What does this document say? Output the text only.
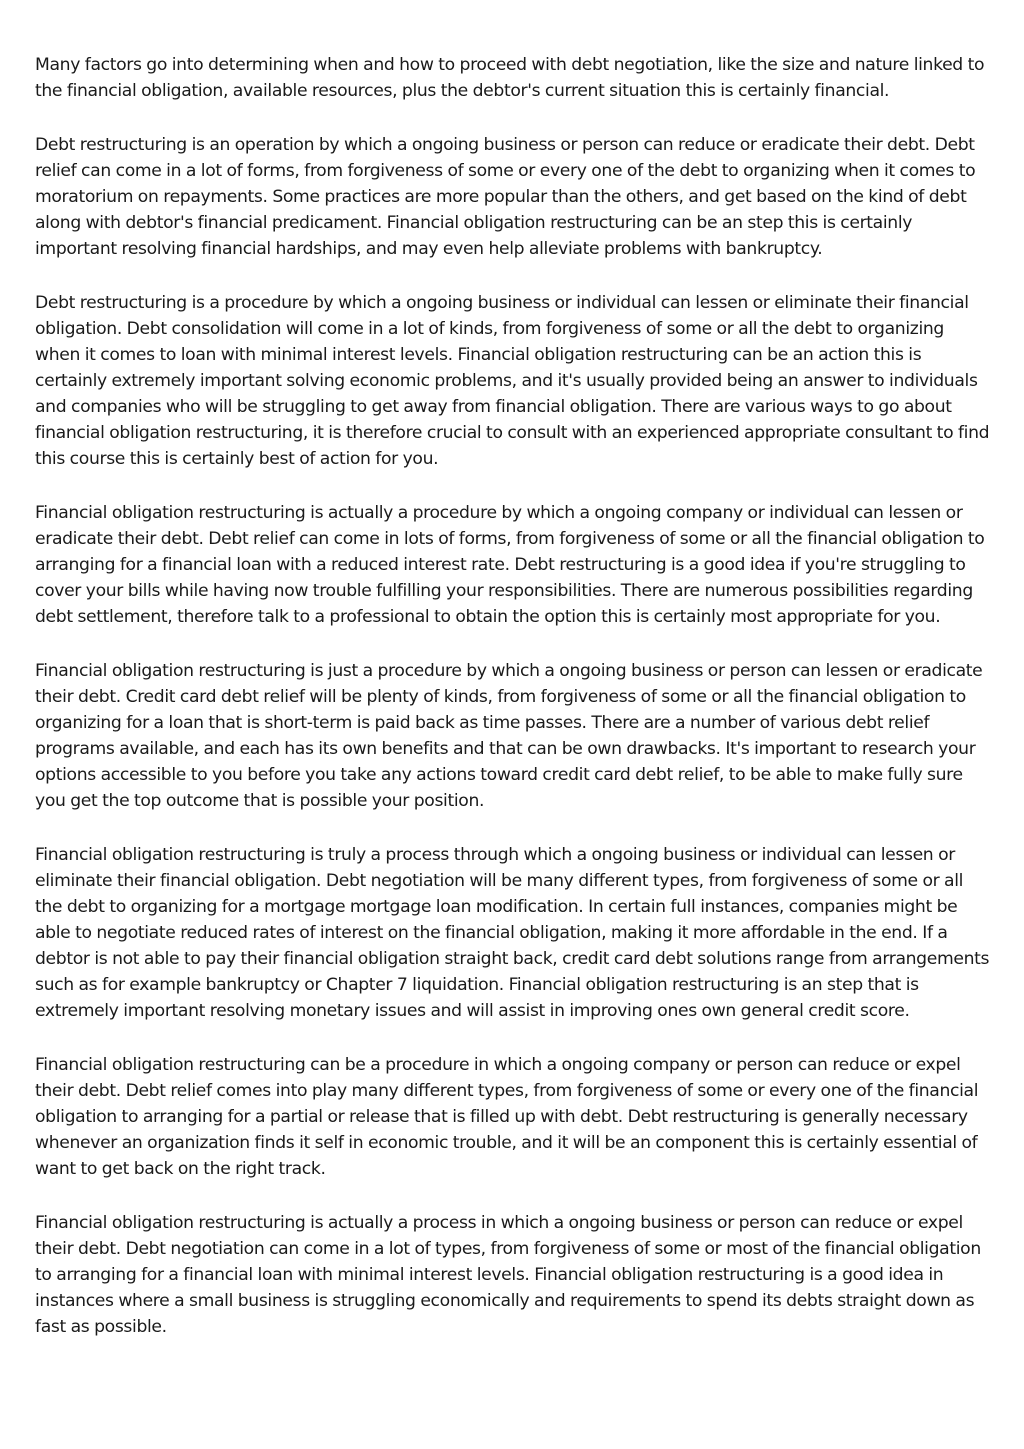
Many factors go into determining when and how to proceed with debt negotiation, like the size and nature linked to the financial obligation, available resources, plus the debtor's current situation this is certainly financial.

Debt restructuring is an operation by which a ongoing business or person can reduce or eradicate their debt. Debt relief can come in a lot of forms, from forgiveness of some or every one of the debt to organizing when it comes to moratorium on repayments. Some practices are more popular than the others, and get based on the kind of debt along with debtor's financial predicament. Financial obligation restructuring can be an step this is certainly important resolving financial hardships, and may even help alleviate problems with bankruptcy.

Debt restructuring is a procedure by which a ongoing business or individual can lessen or eliminate their financial obligation. Debt consolidation will come in a lot of kinds, from forgiveness of some or all the debt to organizing when it comes to loan with minimal interest levels. Financial obligation restructuring can be an action this is certainly extremely important solving economic problems, and it's usually provided being an answer to individuals and companies who will be struggling to get away from financial obligation. There are various ways to go about financial obligation restructuring, it is therefore crucial to consult with an experienced appropriate consultant to find this course this is certainly best of action for you.

Financial obligation restructuring is actually a procedure by which a ongoing company or individual can lessen or eradicate their debt. Debt relief can come in lots of forms, from forgiveness of some or all the financial obligation to arranging for a financial loan with a reduced interest rate. Debt restructuring is a good idea if you're struggling to cover your bills while having now trouble fulfilling your responsibilities. There are numerous possibilities regarding debt settlement, therefore talk to a professional to obtain the option this is certainly most appropriate for you.

Financial obligation restructuring is just a procedure by which a ongoing business or person can lessen or eradicate their debt. Credit card debt relief will be plenty of kinds, from forgiveness of some or all the financial obligation to organizing for a loan that is short-term is paid back as time passes. There are a number of various debt relief programs available, and each has its own benefits and that can be own drawbacks. It's important to research your options accessible to you before you take any actions toward credit card debt relief, to be able to make fully sure you get the top outcome that is possible your position.

Financial obligation restructuring is truly a process through which a ongoing business or individual can lessen or eliminate their financial obligation. Debt negotiation will be many different types, from forgiveness of some or all the debt to organizing for a mortgage mortgage loan modification. In certain full instances, companies might be able to negotiate reduced rates of interest on the financial obligation, making it more affordable in the end. If a debtor is not able to pay their financial obligation straight back, credit card debt solutions range from arrangements such as for example bankruptcy or Chapter 7 liquidation. Financial obligation restructuring is an step that is extremely important resolving monetary issues and will assist in improving ones own general credit score.

Financial obligation restructuring can be a procedure in which a ongoing company or person can reduce or expel their debt. Debt relief comes into play many different types, from forgiveness of some or every one of the financial obligation to arranging for a partial or release that is filled up with debt. Debt restructuring is generally necessary whenever an organization finds it self in economic trouble, and it will be an component this is certainly essential of want to get back on the right track.

Financial obligation restructuring is actually a process in which a ongoing business or person can reduce or expel their debt. Debt negotiation can come in a lot of types, from forgiveness of some or most of the financial obligation to arranging for a financial loan with minimal interest levels. Financial obligation restructuring is a good idea in instances where a small business is struggling economically and requirements to spend its debts straight down as fast as possible.
